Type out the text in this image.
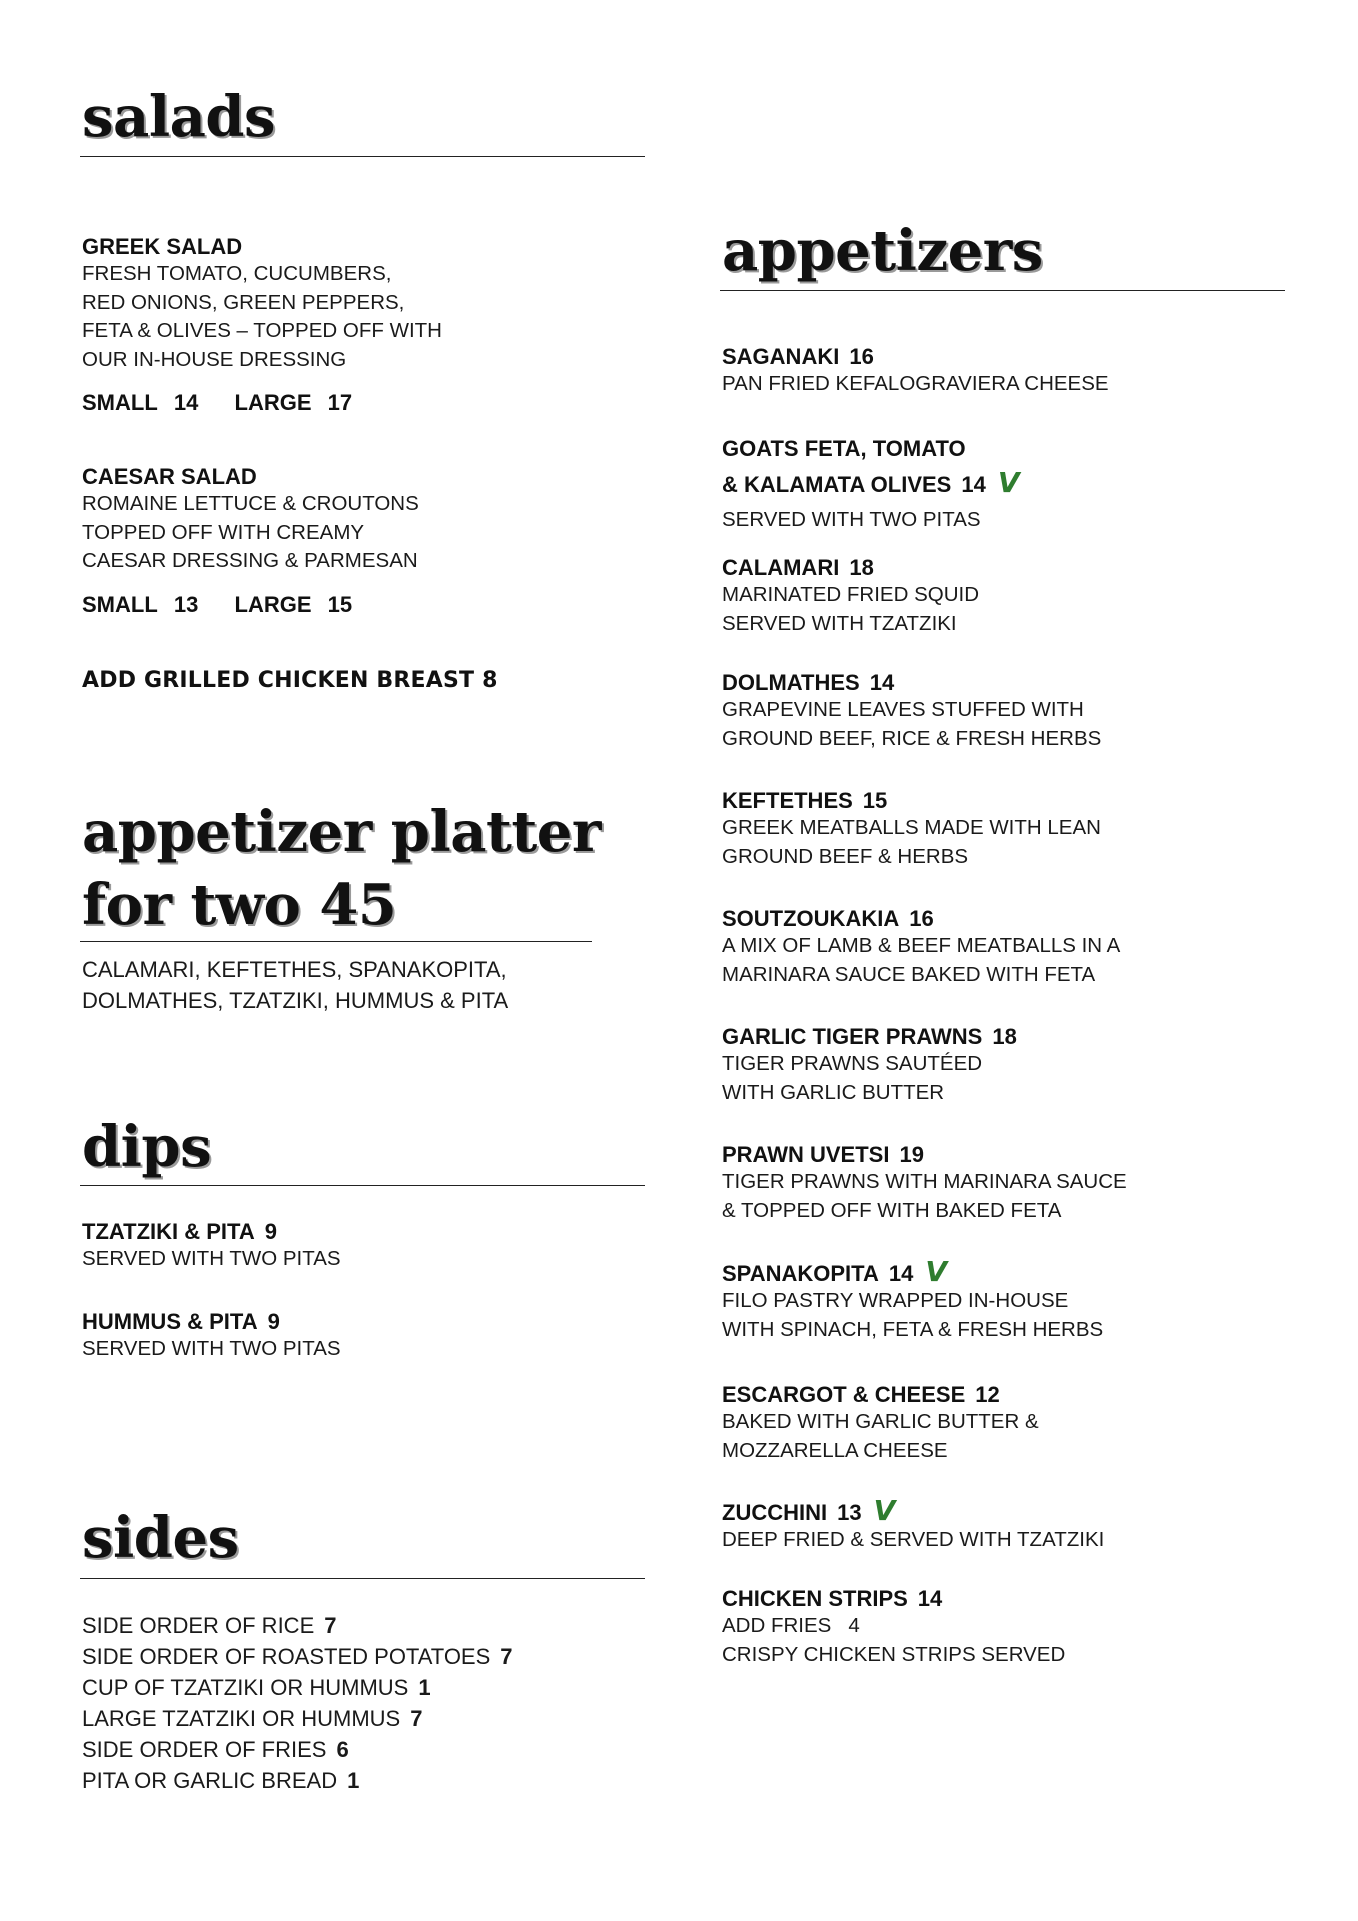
salads
GREEK SALAD
FRESH TOMATO, CUCUMBERS,
RED ONIONS, GREEN PEPPERS,
FETA & OLIVES – TOPPED OFF WITH
OUR IN-HOUSE DRESSING
SMALL 14 LARGE 17
CAESAR SALAD
ROMAINE LETTUCE & CROUTONS
TOPPED OFF WITH CREAMY
CAESAR DRESSING & PARMESAN
SMALL 13 LARGE 15
ADD GRILLED CHICKEN BREAST 8
appetizer platter
for two 45
CALAMARI, KEFTETHES, SPANAKOPITA,
DOLMATHES, TZATZIKI, HUMMUS & PITA
dips
TZATZIKI & PITA 9
SERVED WITH TWO PITAS
HUMMUS & PITA 9
SERVED WITH TWO PITAS
sides
SIDE ORDER OF RICE 7
SIDE ORDER OF ROASTED POTATOES 7
CUP OF TZATZIKI OR HUMMUS 1
LARGE TZATZIKI OR HUMMUS 7
SIDE ORDER OF FRIES 6
PITA OR GARLIC BREAD 1
appetizers
SAGANAKI 16
PAN FRIED KEFALOGRAVIERA CHEESE
GOATS FETA, TOMATO
& KALAMATA OLIVES 14 V
SERVED WITH TWO PITAS
CALAMARI 18
MARINATED FRIED SQUID
SERVED WITH TZATZIKI
DOLMATHES 14
GRAPEVINE LEAVES STUFFED WITH
GROUND BEEF, RICE & FRESH HERBS
KEFTETHES 15
GREEK MEATBALLS MADE WITH LEAN
GROUND BEEF & HERBS
SOUTZOUKAKIA 16
A MIX OF LAMB & BEEF MEATBALLS IN A
MARINARA SAUCE BAKED WITH FETA
GARLIC TIGER PRAWNS 18
TIGER PRAWNS SAUTÉED
WITH GARLIC BUTTER
PRAWN UVETSI 19
TIGER PRAWNS WITH MARINARA SAUCE
& TOPPED OFF WITH BAKED FETA
SPANAKOPITA 14 V
FILO PASTRY WRAPPED IN-HOUSE
WITH SPINACH, FETA & FRESH HERBS
ESCARGOT & CHEESE 12
BAKED WITH GARLIC BUTTER &
MOZZARELLA CHEESE
ZUCCHINI 13 V
DEEP FRIED & SERVED WITH TZATZIKI
CHICKEN STRIPS 14
ADD FRIES   4
CRISPY CHICKEN STRIPS SERVED
